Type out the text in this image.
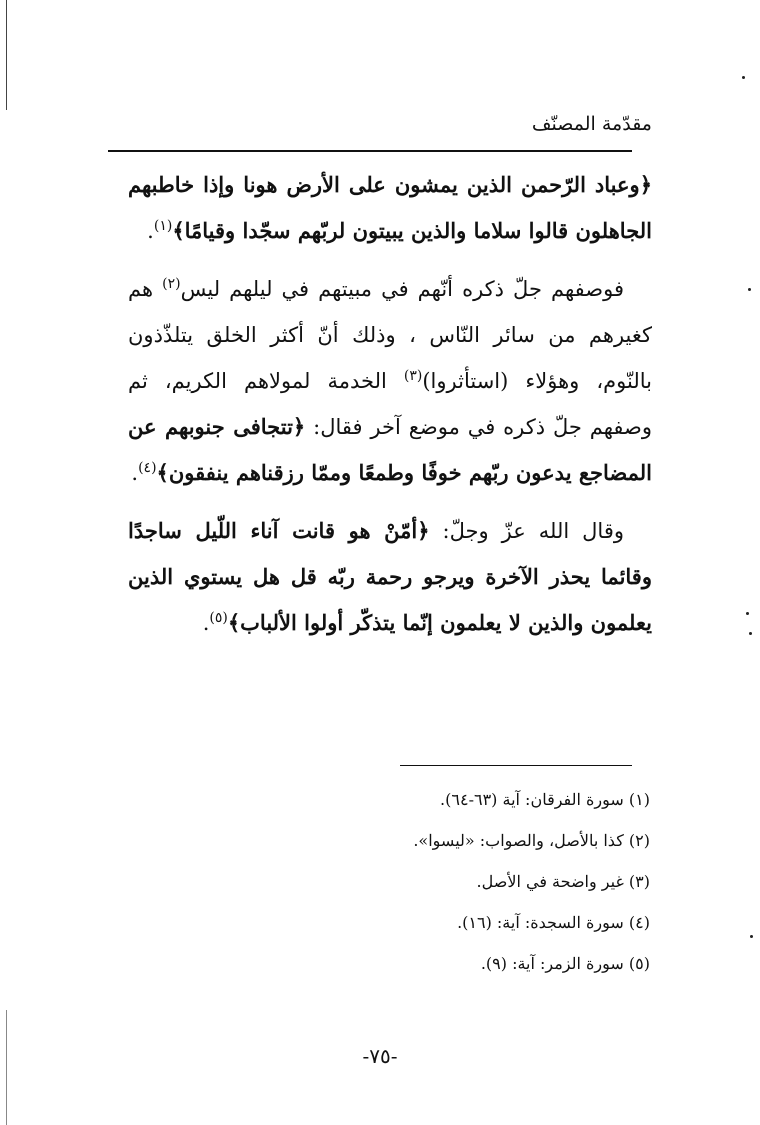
مقدّمة المصنّف

﴿وعباد الرّحمن الذين يمشون على الأرض هونا وإذا خاطبهم الجاهلون قالوا سلاما والذين يبيتون لربّهم سجّدا وقيامًا﴾$^{(١)}$.

فوصفهم جلّ ذكره أنّهم في مبيتهم في ليلهم ليس$^{(٢)}$ هم كغيرهم من سائر النّاس ، وذلك أنّ أكثر الخلق يتلذّذون بالنّوم، وهؤلاء (استأثروا)$^{(٣)}$ الخدمة لمولاهم الكريم، ثم وصفهم جلّ ذكره في موضع آخر فقال: ﴿تتجافى جنوبهم عن المضاجع يدعون ربّهم خوفًا وطمعًا وممّا رزقناهم ينفقون﴾$^{(٤)}$.

وقال الله عزّ وجلّ: ﴿أمّنْ هو قانت آناء اللّيل ساجدًا وقائما يحذر الآخرة ويرجو رحمة ربّه قل هل يستوي الذين يعلمون والذين لا يعلمون إنّما يتذكّر أولوا الألباب﴾$^{(٥)}$.

(١) سورة الفرقان: آية (٦٣-٦٤).
(٢) كذا بالأصل، والصواب: «ليسوا».
(٣) غير واضحة في الأصل.
(٤) سورة السجدة: آية: (١٦).
(٥) سورة الزمر: آية: (٩).
-٧٥-
